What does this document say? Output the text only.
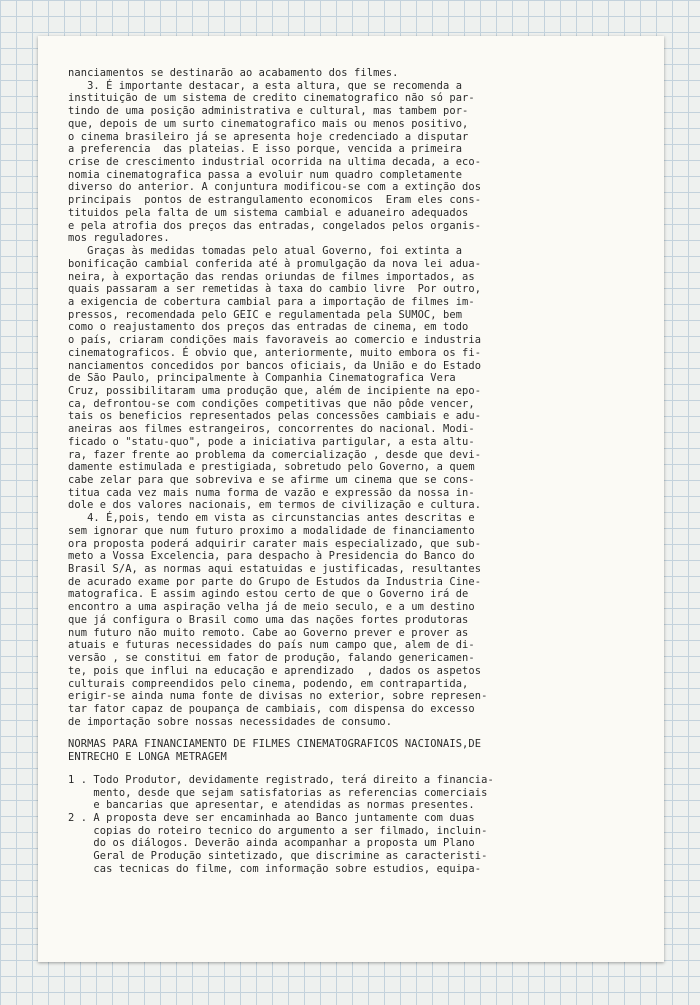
nanciamentos se destinarão ao acabamento dos filmes.
3. É importante destacar, a esta altura, que se recomenda a
instituição de um sistema de credito cinematografico não só par-
tindo de uma posição administrativa e cultural, mas tambem por-
que, depois de um surto cinematografico mais ou menos positivo,
o cinema brasileiro já se apresenta hoje credenciado a disputar
a preferencia  das plateias. E isso porque, vencida a primeira
crise de crescimento industrial ocorrida na ultima decada, a eco-
nomia cinematografica passa a evoluir num quadro completamente
diverso do anterior. A conjuntura modificou-se com a extinção dos
principais  pontos de estrangulamento economicos  Eram eles cons-
tituidos pela falta de um sistema cambial e aduaneiro adequados
e pela atrofia dos preços das entradas, congelados pelos organis-
mos reguladores.
Graças às medidas tomadas pelo atual Governo, foi extinta a
bonificação cambial conferida até à promulgação da nova lei adua-
neira, à exportação das rendas oriundas de filmes importados, as
quais passaram a ser remetidas à taxa do cambio livre  Por outro,
a exigencia de cobertura cambial para a importação de filmes im-
pressos, recomendada pelo GEIC e regulamentada pela SUMOC, bem
como o reajustamento dos preços das entradas de cinema, em todo
o país, criaram condições mais favoraveis ao comercio e industria
cinematograficos. É obvio que, anteriormente, muito embora os fi-
nanciamentos concedidos por bancos oficiais, da União e do Estado
de São Paulo, principalmente à Companhia Cinematografica Vera
Cruz, possibilitaram uma produção que, além de incipiente na epo-
ca, defrontou-se com condições competitivas que não pôde vencer,
tais os beneficios representados pelas concessões cambiais e adu-
aneiras aos filmes estrangeiros, concorrentes do nacional. Modi-
ficado o "statu-quo", pode a iniciativa partigular, a esta altu-
ra, fazer frente ao problema da comercialização , desde que devi-
damente estimulada e prestigiada, sobretudo pelo Governo, a quem
cabe zelar para que sobreviva e se afirme um cinema que se cons-
titua cada vez mais numa forma de vazão e expressão da nossa in-
dole e dos valores nacionais, em termos de civilização e cultura.
4. É,pois, tendo em vista as circunstancias antes descritas e
sem ignorar que num futuro proximo a modalidade de financiamento
ora proposta poderá adquirir carater mais especializado, que sub-
meto a Vossa Excelencia, para despacho à Presidencia do Banco do
Brasil S/A, as normas aqui estatuidas e justificadas, resultantes
de acurado exame por parte do Grupo de Estudos da Industria Cine-
matografica. E assim agindo estou certo de que o Governo irá de
encontro a uma aspiração velha já de meio seculo, e a um destino
que já configura o Brasil como uma das nações fortes produtoras
num futuro não muito remoto. Cabe ao Governo prever e prover as
atuais e futuras necessidades do país num campo que, alem de di-
versão , se constitui em fator de produção, falando genericamen-
te, pois que influi na educação e aprendizado  , dados os aspetos
culturais compreendidos pelo cinema, podendo, em contrapartida,
erigir-se ainda numa fonte de divisas no exterior, sobre represen-
tar fator capaz de poupança de cambiais, com dispensa do excesso
de importação sobre nossas necessidades de consumo.
NORMAS PARA FINANCIAMENTO DE FILMES CINEMATOGRAFICOS NACIONAIS,DE
ENTRECHO E LONGA METRAGEM
1 . Todo Produtor, devidamente registrado, terá direito a financia-
mento, desde que sejam satisfatorias as referencias comerciais
e bancarias que apresentar, e atendidas as normas presentes.
2 . A proposta deve ser encaminhada ao Banco juntamente com duas
copias do roteiro tecnico do argumento a ser filmado, incluin-
do os diálogos. Deverão ainda acompanhar a proposta um Plano
Geral de Produção sintetizado, que discrimine as caracteristi-
cas tecnicas do filme, com informação sobre estudios, equipa-
